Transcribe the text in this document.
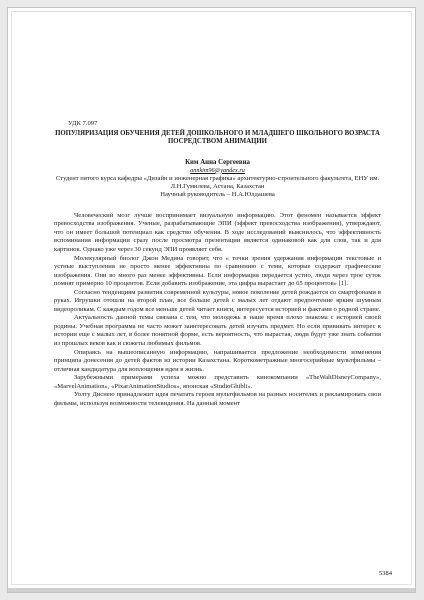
УДК 7.097
ПОПУЛЯРИЗАЦИЯ ОБУЧЕНИЯ ДЕТЕЙ ДОШКОЛЬНОГО И МЛАДШЕГО ШКОЛЬНОГО ВОЗРАСТА ПОСРЕДСТВОМ АНИМАЦИИ
Ким Анна Сергеевна
annkim96@yandex.ru
Студент пятого курса кафедры «Дизайн и инженерная графика» архитектурно-строительного факультета, ЕНУ им. Л.Н.Гумилева, Астана, Казахстан
Научный руководитель – Н.А.Юлдашева

Человеческий мозг лучше воспринимает визуальную информацию. Этот феномен называется эффект превосходства изображения. Ученые, разрабатывающие ЭПИ (эффект превосходства изображения), утверждают, что он имеет большой потенциал как средство обучения. В ходе исследований выяснилось, что эффективность вспоминания информации сразу после просмотра презентации является одинаковой как для слов, так и для картинок. Однако уже через 30 секунд ЭПИ проявляет себя.

Молекулярный биолог Джон Медина говорит, что « точки зрения удержания информации текстовые и устные выступления не просто менее эффективны по сравнению с теми, которые содержат графические изображения. Они во много раз менее эффективны. Если информация передается устно, люди через трое суток помнят примерно 10 процентов. Если добавить изображение, эта цифра вырастает до 65 процентов» [1].

Согласно тенденциям развития современной культуры, новое поколение детей рождается со смартфонами в руках. Игрушки отошли на второй план, все больше детей с малых лет отдают предпочтение ярким шумным видеороликам. С каждым годом все меньше детей читает книги, интересуется историей и фактами о родной стране.

Актуальность данной темы связана с тем, что молодежь в наше время плохо знакома с историей своей родины. Учебная программа не часто может заинтересовать детей изучать предмет. Но если прививать интерес к истории еще с малых лет, в более понятной форме, есть вероятность, что вырастая, люди будут уже знать события из прошлых веков как и сюжеты любимых фильмов.

Опираясь на вышеописанную информацию, напрашивается предложение необходимости изменения принципа донесения до детей фактов из истории Казахстана. Короткометражные многосерийные мультфильмы – отличная кандидатура для воплощения идеи в жизнь.

Зарубежными примерами успеха можно представить кинокомпании «TheWaltDisneyCompany», «MarvelAnimation», «PixarAnimationStudios», японская «StudioGhibli».

Уолту Диснею принадлежит идея печатать героев мультфильмов на разных носителях и рекламировать свои фильмы, используя возможности телевидения. На данный момент

5384
